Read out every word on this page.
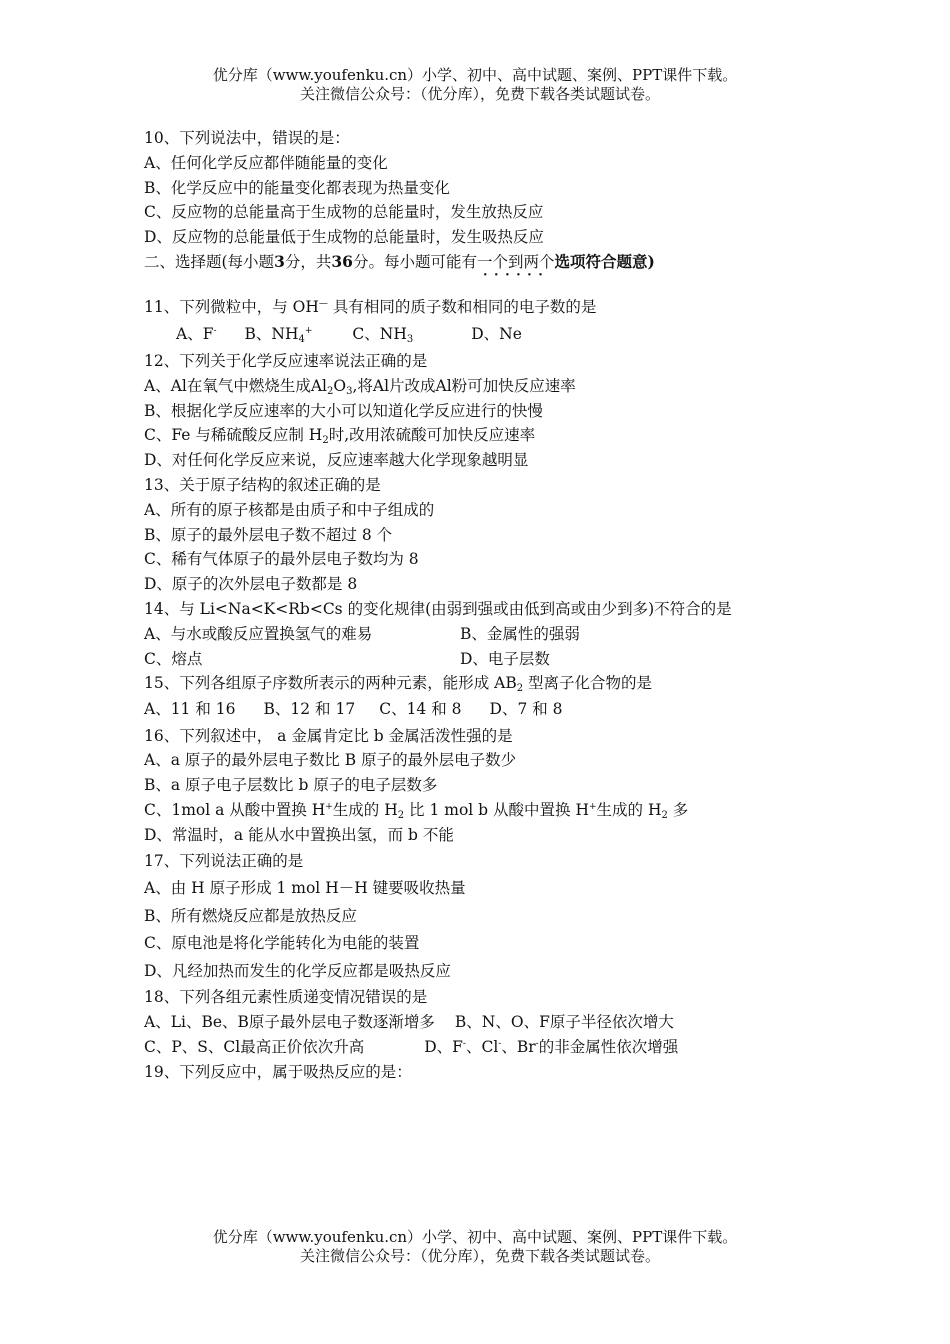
优分库（www.youfenku.cn）小学、初中、高中试题、案例、PPT课件下载。
关注微信公众号：（优分库），免费下载各类试题试卷。
10、下列说法中，错误的是：
A、任何化学反应都伴随能量的变化
B、化学反应中的能量变化都表现为热量变化
C、反应物的总能量高于生成物的总能量时，发生放热反应
D、反应物的总能量低于生成物的总能量时，发生吸热反应
二、选择题(每小题3分，共36分。每小题可能有一个到两个 · · ·选项符合题意)
11、下列微粒中，与 OH— 具有相同的质子数和相同的电子数的是
A、F- B、$NH_4^+$	C、$NH_3$	D、Ne
12、下列关于化学反应速率说法正确的是
A、Al在氧气中燃烧生成$Al_2O_3$,将Al片改成Al粉可加快反应速率
B、根据化学反应速率的大小可以知道化学反应进行的快慢
C、Fe 与稀硫酸反应制 $H_2$时,改用浓硫酸可加快反应速率
D、对任何化学反应来说，反应速率越大化学现象越明显
13、关于原子结构的叙述正确的是
A、所有的原子核都是由质子和中子组成的
B、原子的最外层电子数不超过 8 个
C、稀有气体原子的最外层电子数均为 8
D、原子的次外层电子数都是 8
14、与 Li<Na<K<Rb<Cs 的变化规律(由弱到强或由低到高或由少到多)不符合的是
A、与水或酸反应置换氢气的难易	B、金属性的强弱
C、熔点	D、电子层数
15、下列各组原子序数所表示的两种元素，能形成 $AB_2$ 型离子化合物的是
A、11 和 16 B、12 和 17 C、14 和 8 D、7 和 8
16、下列叙述中， a 金属肯定比 b 金属活泼性强的是
A、a 原子的最外层电子数比 B 原子的最外层电子数少
B、a 原子电子层数比 b 原子的电子层数多
C、1mol a 从酸中置换 H+生成的 $H_2$ 比 1 mol b 从酸中置换 H+生成的 $H_2$ 多
D、常温时，a 能从水中置换出氢，而 b 不能
17、下列说法正确的是
A、由 H 原子形成 1 mol H－H 键要吸收热量
B、所有燃烧反应都是放热反应
C、原电池是将化学能转化为电能的装置
D、凡经加热而发生的化学反应都是吸热反应
18、下列各组元素性质递变情况错误的是
A、Li、Be、B原子最外层电子数逐渐增多 B、N、O、F原子半径依次增大
C、P、S、Cl最高正价依次升高	D、F-、Cl-、Br-的非金属性依次增强
19、下列反应中，属于吸热反应的是：
优分库（www.youfenku.cn）小学、初中、高中试题、案例、PPT课件下载。
关注微信公众号：（优分库），免费下载各类试题试卷。
